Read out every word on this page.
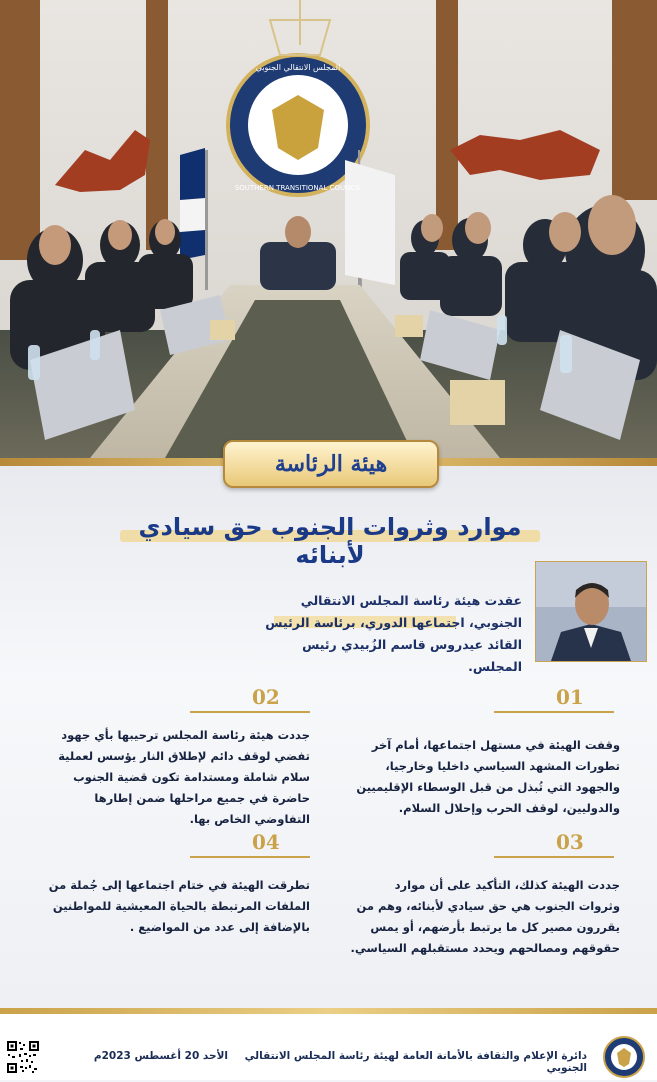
SOUTHERN TRANSITIONAL COUNCIL
المجلس الانتقالي الجنوبي
هيئة الرئاسة
موارد وثروات الجنوب حق سيادي لأبنائه
عقدت هيئة رئاسة المجلس الانتقالي الجنوبي، اجتماعها الدوري، برئاسة الرئيس القائد عيدروس قاسم الزُبيدي رئيس المجلس.
01
وقفت الهيئة في مستهل اجتماعها، أمام آخر تطورات المشهد السياسي داخليا وخارجيا، والجهود التي تُبذل من قبل الوسطاء الإقليميين والدوليين، لوقف الحرب وإحلال السلام.
02
جددت هيئة رئاسة المجلس ترحيبها بأي جهود تفضي لوقف دائم لإطلاق النار يؤسس لعملية سلام شاملة ومستدامة تكون قضية الجنوب حاضرة في جميع مراحلها ضمن إطارها التفاوضي الخاص بها.
03
جددت الهيئة كذلك، التأكيد على أن موارد وثروات الجنوب هي حق سيادي لأبنائه، وهم من يقررون مصير كل ما يرتبط بأرضهم، أو يمس حقوقهم ومصالحهم ويحدد مستقبلهم السياسي.
04
تطرقت الهيئة في ختام اجتماعها إلى جُملة من الملفات المرتبطة بالحياة المعيشية للمواطنين بالإضافة إلى عدد من المواضيع .
دائرة الإعلام والثقافة بالأمانة العامة لهيئة رئاسة المجلس الانتقالي الجنوبي
الأحد 20 أغسطس 2023م
